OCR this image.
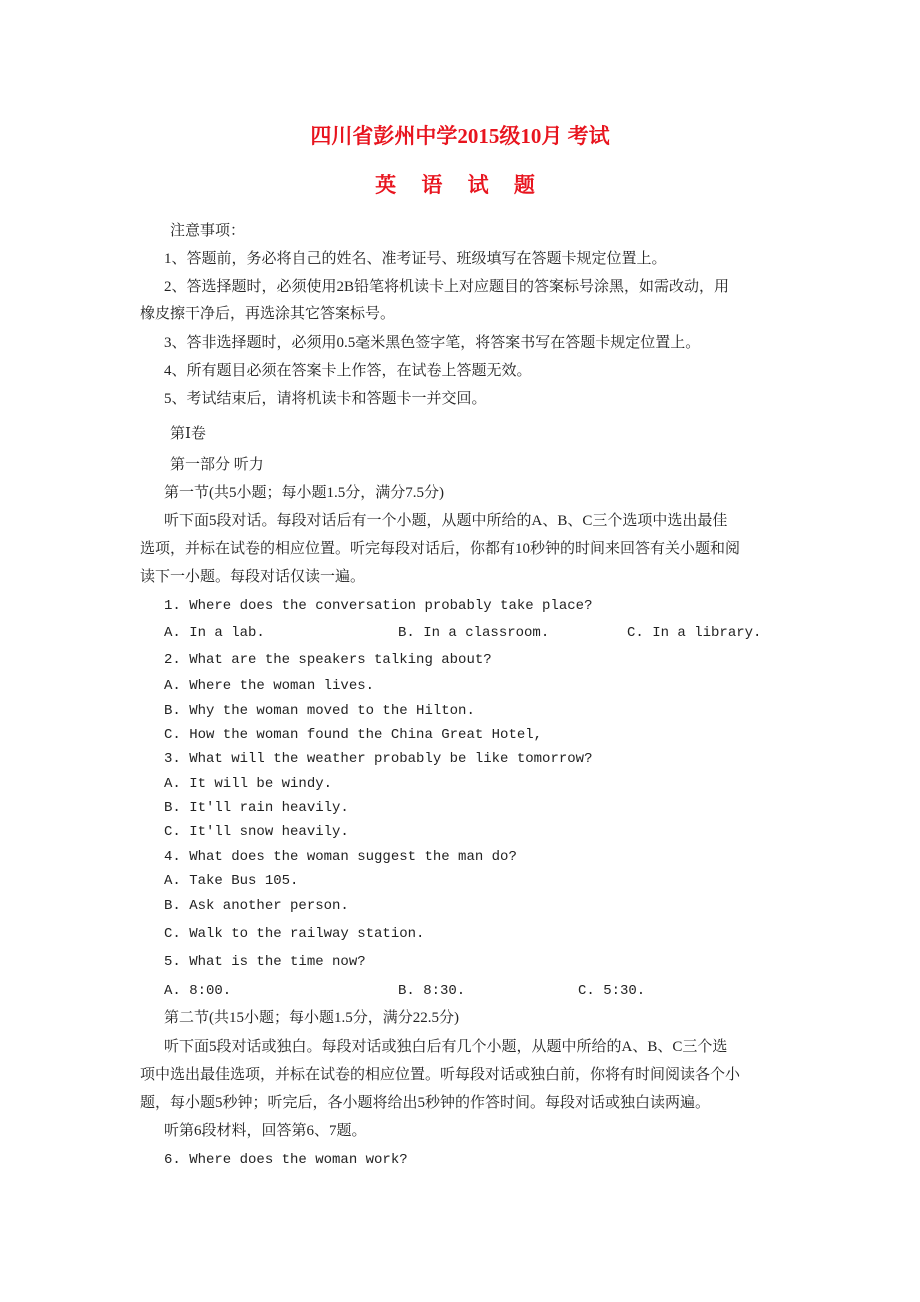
四川省彭州中学2015级10月 考试
英 语 试 题
注意事项：
1、答题前，务必将自己的姓名、准考证号、班级填写在答题卡规定位置上。
2、答选择题时，必须使用2B铅笔将机读卡上对应题目的答案标号涂黑，如需改动，用
橡皮擦干净后，再选涂其它答案标号。
3、答非选择题时，必须用0.5毫米黑色签字笔，将答案书写在答题卡规定位置上。
4、所有题目必须在答案卡上作答，在试卷上答题无效。
5、考试结束后，请将机读卡和答题卡一并交回。
第Ⅰ卷
第一部分 听力
第一节(共5小题；每小题1.5分，满分7.5分)
听下面5段对话。每段对话后有一个小题，从题中所给的A、B、C三个选项中选出最佳
选项，并标在试卷的相应位置。听完每段对话后，你都有10秒钟的时间来回答有关小题和阅
读下一小题。每段对话仅读一遍。
1. Where does the conversation probably take place?
A. In a lab.	B. In a classroom.	C. In a library.
2. What are the speakers talking about?
A. Where the woman lives.
B. Why the woman moved to the Hilton.
C. How the woman found the China Great Hotel,
3. What will the weather probably be like tomorrow?
A. It will be windy.
B. It'll rain heavily.
C. It'll snow heavily.
4. What does the woman suggest the man do?
A. Take Bus 105.
B. Ask another person.
C. Walk to the railway station.
5. What is the time now?
A. 8:00.	B. 8:30.	C. 5:30.
第二节(共15小题；每小题1.5分，满分22.5分)
听下面5段对话或独白。每段对话或独白后有几个小题，从题中所给的A、B、C三个选
项中选出最佳选项，并标在试卷的相应位置。听每段对话或独白前，你将有时间阅读各个小
题，每小题5秒钟；听完后，各小题将给出5秒钟的作答时间。每段对话或独白读两遍。
听第6段材料，回答第6、7题。
6. Where does the woman work?
